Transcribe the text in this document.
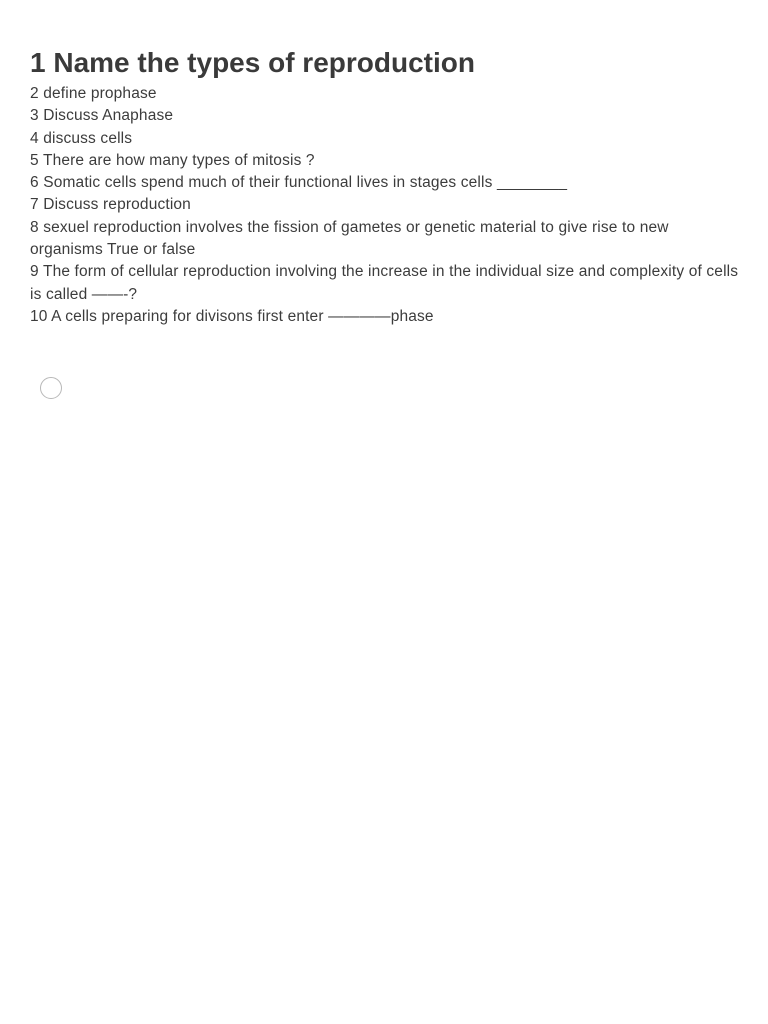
1 Name the types of reproduction

2 define prophase

3 Discuss Anaphase

4 discuss cells

5 There are how many types of mitosis ?

6 Somatic cells spend much of their functional lives in stages cells ________

7 Discuss reproduction

8 sexuel reproduction involves the fission of gametes or genetic material to give rise to new organisms True or false

9 The form of cellular reproduction involving the increase in the individual size and complexity of cells is called ——-?

10 A cells preparing for divisons first enter ————phase
